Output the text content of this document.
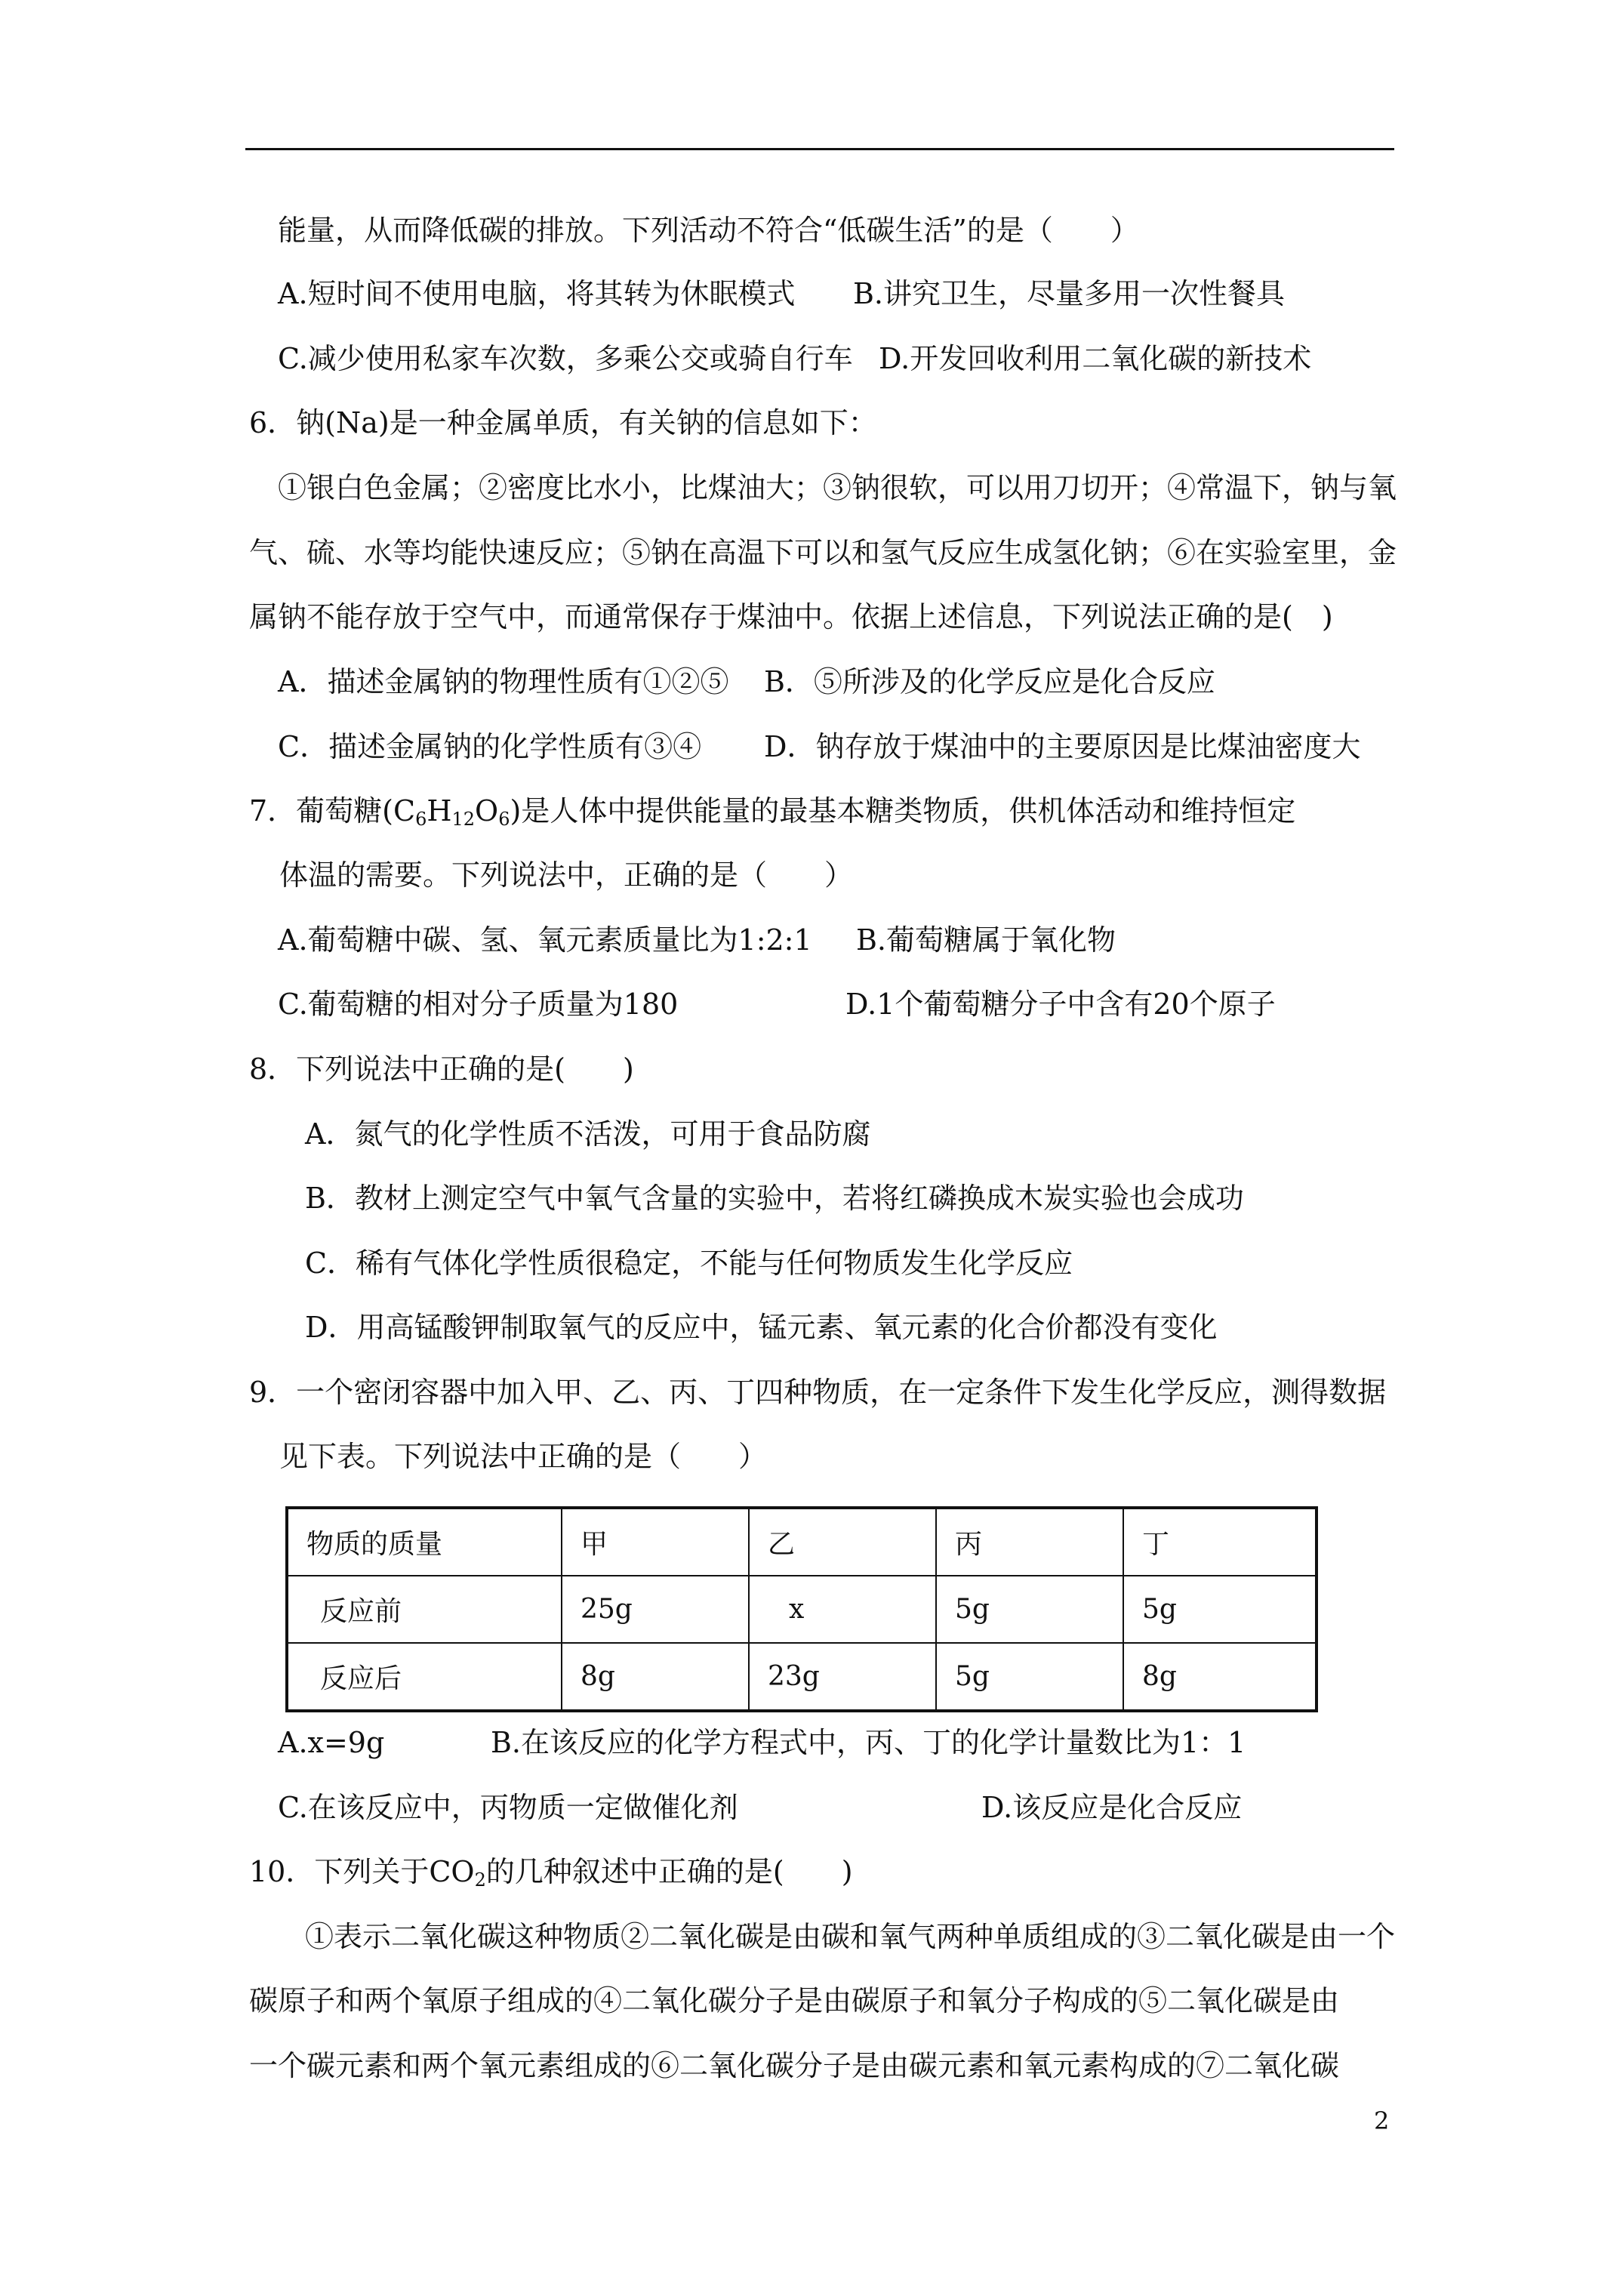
能量，从而降低碳的排放。下列活动不符合“低碳生活”的是（　　）
A.短时间不使用电脑，将其转为休眠模式 B.讲究卫生，尽量多用一次性餐具
C.减少使用私家车次数，多乘公交或骑自行车 D.开发回收利用二氧化碳的新技术
6．钠(Na)是一种金属单质，有关钠的信息如下：
①银白色金属；②密度比水小，比煤油大；③钠很软，可以用刀切开；④常温下，钠与氧
气、硫、水等均能快速反应；⑤钠在高温下可以和氢气反应生成氢化钠；⑥在实验室里，金
属钠不能存放于空气中，而通常保存于煤油中。依据上述信息，下列说法正确的是(　)
A．描述金属钠的物理性质有①②⑤ B．⑤所涉及的化学反应是化合反应
C．描述金属钠的化学性质有③④ D．钠存放于煤油中的主要原因是比煤油密度大
7．葡萄糖$(C_6H_{12}O_6)$是人体中提供能量的最基本糖类物质，供机体活动和维持恒定
体温的需要。下列说法中，正确的是（　　）
A.葡萄糖中碳、氢、氧元素质量比为1:2:1 B.葡萄糖属于氧化物
C.葡萄糖的相对分子质量为180	D.1个葡萄糖分子中含有20个原子
8．下列说法中正确的是(　　)
A．氮气的化学性质不活泼，可用于食品防腐
B．教材上测定空气中氧气含量的实验中，若将红磷换成木炭实验也会成功
C．稀有气体化学性质很稳定，不能与任何物质发生化学反应
D．用高锰酸钾制取氧气的反应中，锰元素、氧元素的化合价都没有变化
9．一个密闭容器中加入甲、乙、丙、丁四种物质，在一定条件下发生化学反应，测得数据
见下表。下列说法中正确的是（　　）
物质的质量	甲	乙	丙	丁
反应前	25g	x	5g	5g
反应后	8g	23g	5g	8g
A.x=9g	B.在该反应的化学方程式中，丙、丁的化学计量数比为1：1
C.在该反应中，丙物质一定做催化剂	D.该反应是化合反应
10．下列关于$CO_2$的几种叙述中正确的是(　　)
①表示二氧化碳这种物质②二氧化碳是由碳和氧气两种单质组成的③二氧化碳是由一个
碳原子和两个氧原子组成的④二氧化碳分子是由碳原子和氧分子构成的⑤二氧化碳是由
一个碳元素和两个氧元素组成的⑥二氧化碳分子是由碳元素和氧元素构成的⑦二氧化碳
2
